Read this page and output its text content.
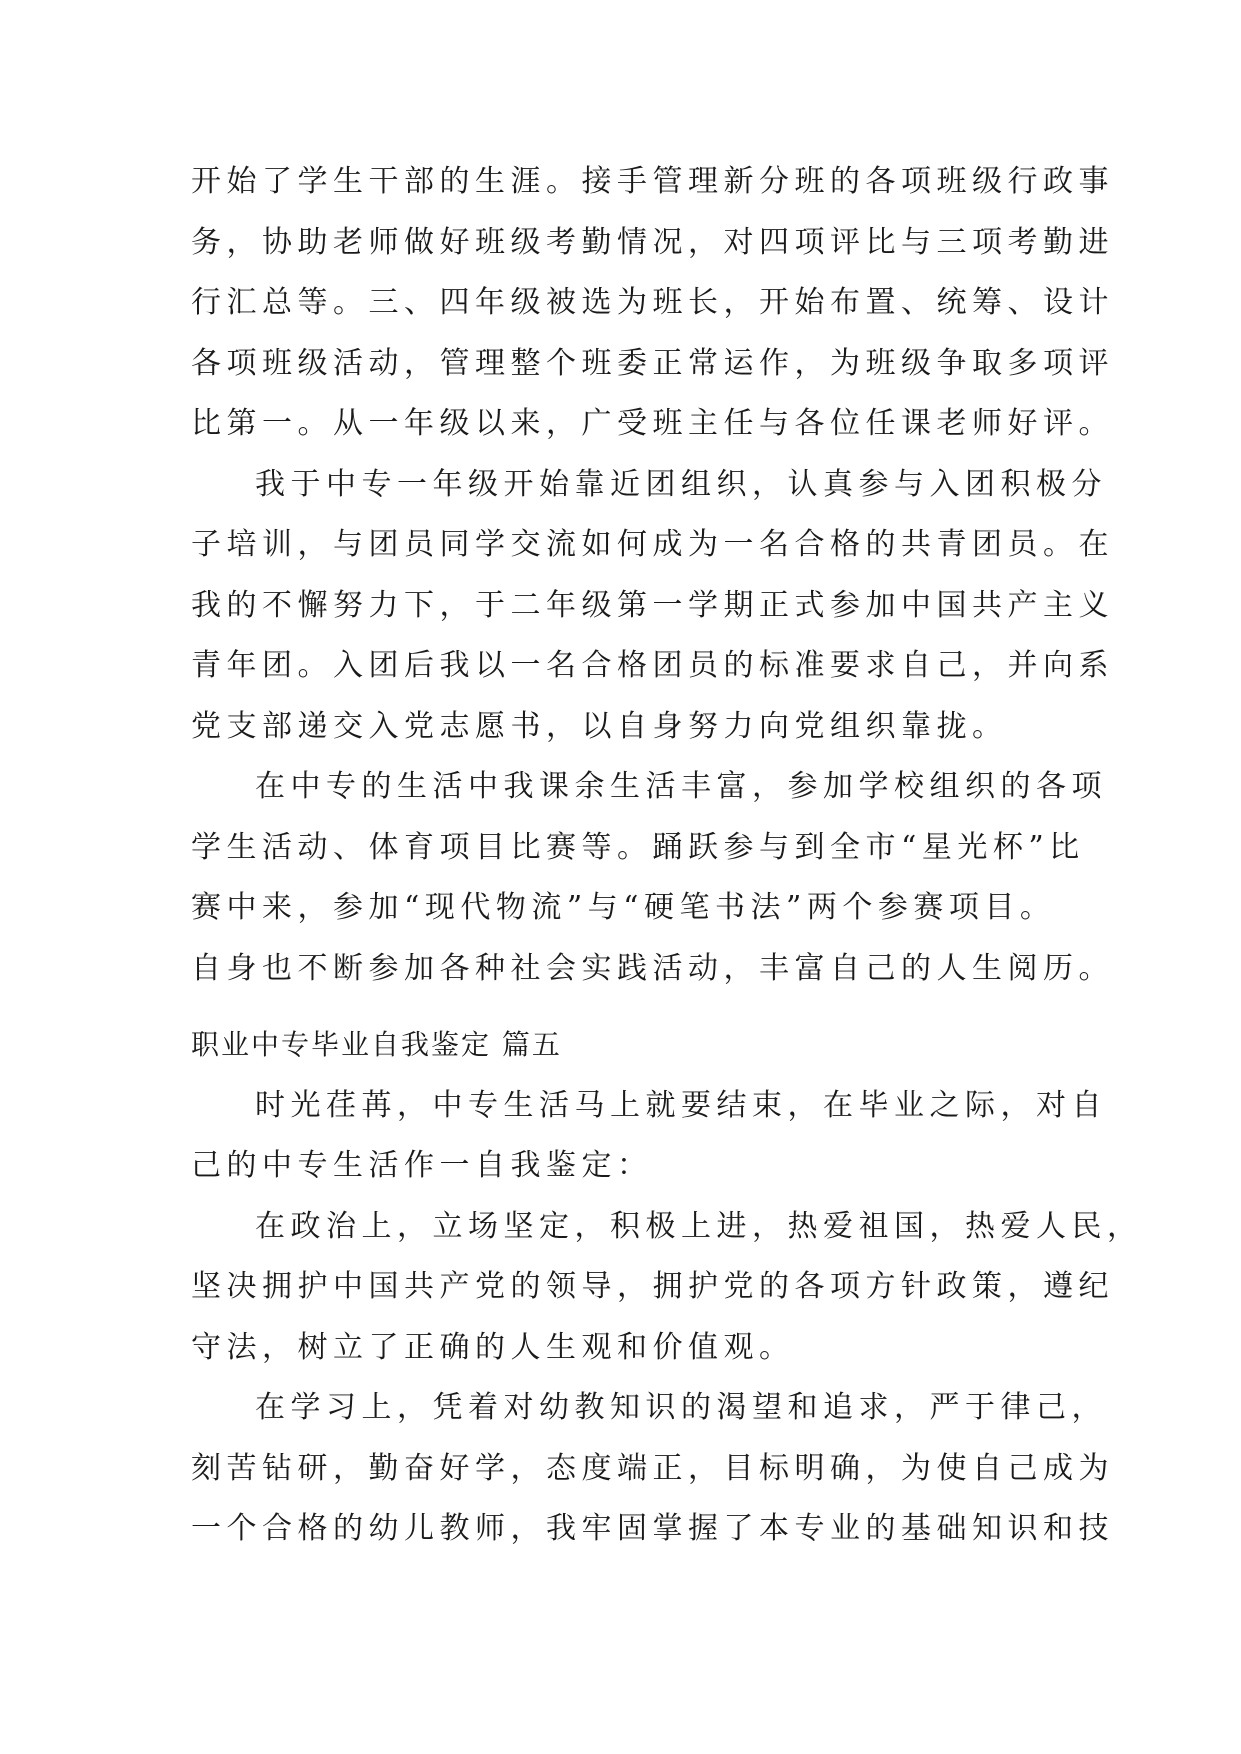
开始了学生干部的生涯。接手管理新分班的各项班级行政事
务，协助老师做好班级考勤情况，对四项评比与三项考勤进
行汇总等。三、四年级被选为班长，开始布置、统筹、设计
各项班级活动，管理整个班委正常运作，为班级争取多项评
比第一。从一年级以来，广受班主任与各位任课老师好评。
我于中专一年级开始靠近团组织，认真参与入团积极分
子培训，与团员同学交流如何成为一名合格的共青团员。在
我的不懈努力下，于二年级第一学期正式参加中国共产主义
青年团。入团后我以一名合格团员的标准要求自己，并向系
党支部递交入党志愿书，以自身努力向党组织靠拢。
在中专的生活中我课余生活丰富，参加学校组织的各项
学生活动、体育项目比赛等。踊跃参与到全市“星光杯”比
赛中来，参加“现代物流”与“硬笔书法”两个参赛项目。
自身也不断参加各种社会实践活动，丰富自己的人生阅历。
职业中专毕业自我鉴定 篇五
时光荏苒，中专生活马上就要结束，在毕业之际，对自
己的中专生活作一自我鉴定：
在政治上，立场坚定，积极上进，热爱祖国，热爱人民，
坚决拥护中国共产党的领导，拥护党的各项方针政策，遵纪
守法，树立了正确的人生观和价值观。
在学习上，凭着对幼教知识的渴望和追求，严于律己，
刻苦钻研，勤奋好学，态度端正，目标明确，为使自己成为
一个合格的幼儿教师，我牢固掌握了本专业的基础知识和技
